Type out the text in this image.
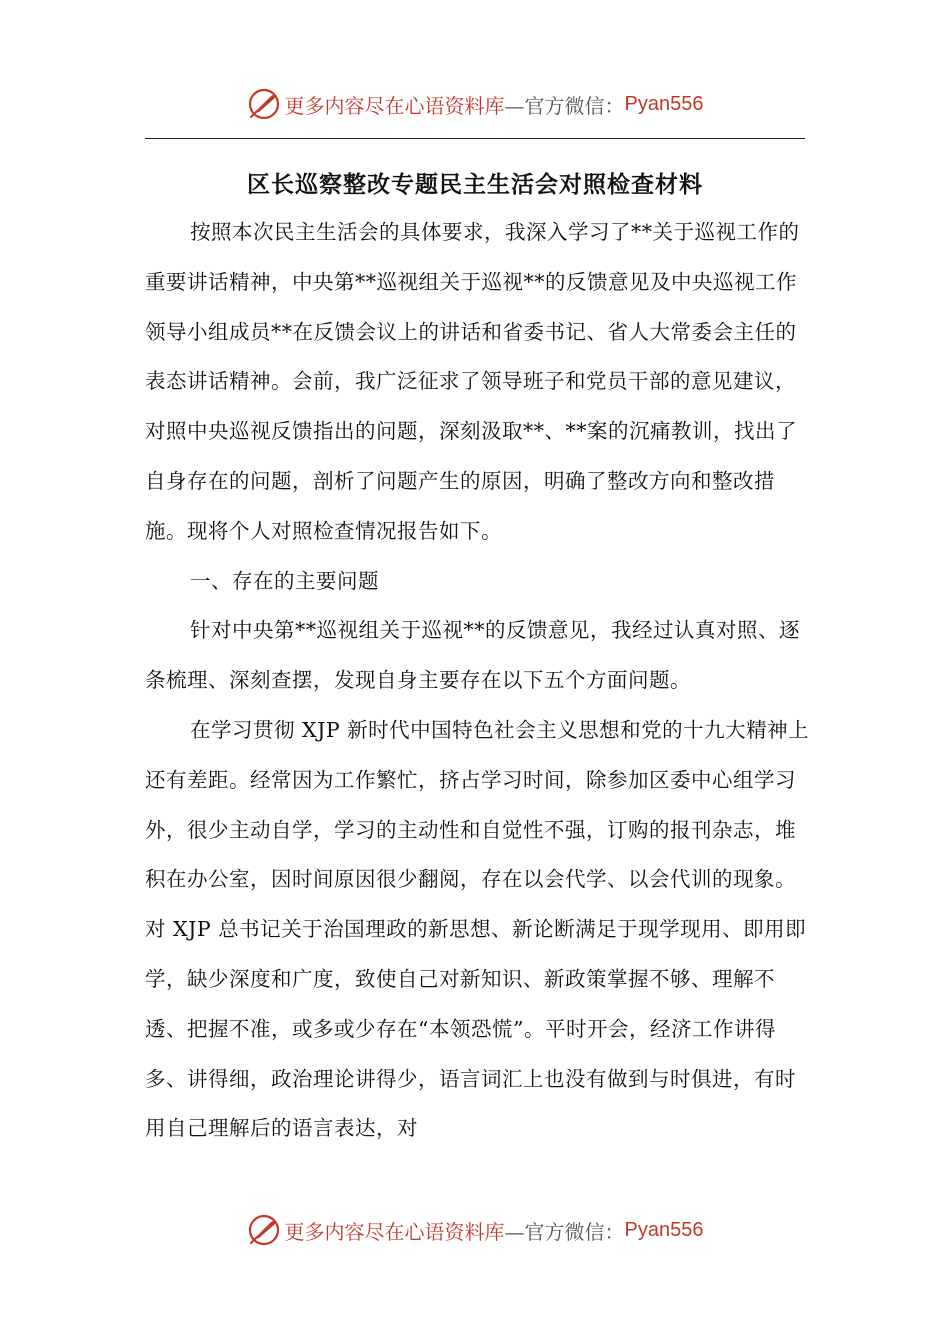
更多内容尽在心语资料库 —官方微信： Pyan556
区长巡察整改专题民主生活会对照检查材料

按照本次民主生活会的具体要求，我深入学习了**关于巡视工作的重要讲话精神，中央第**巡视组关于巡视**的反馈意见及中央巡视工作领导小组成员**在反馈会议上的讲话和省委书记、省人大常委会主任的表态讲话精神。会前，我广泛征求了领导班子和党员干部的意见建议，对照中央巡视反馈指出的问题，深刻汲取**、**案的沉痛教训，找出了自身存在的问题，剖析了问题产生的原因，明确了整改方向和整改措施。现将个人对照检查情况报告如下。

一、存在的主要问题

针对中央第**巡视组关于巡视**的反馈意见，我经过认真对照、逐条梳理、深刻查摆，发现自身主要存在以下五个方面问题。

在学习贯彻 XJP 新时代中国特色社会主义思想和党的十九大精神上还有差距。经常因为工作繁忙，挤占学习时间，除参加区委中心组学习外，很少主动自学，学习的主动性和自觉性不强，订购的报刊杂志，堆积在办公室，因时间原因很少翻阅，存在以会代学、以会代训的现象。对 XJP 总书记关于治国理政的新思想、新论断满足于现学现用、即用即学，缺少深度和广度，致使自己对新知识、新政策掌握不够、理解不透、把握不准，或多或少存在“本领恐慌”。平时开会，经济工作讲得多、讲得细，政治理论讲得少，语言词汇上也没有做到与时俱进，有时用自己理解后的语言表达，对

更多内容尽在心语资料库 —官方微信： Pyan556
